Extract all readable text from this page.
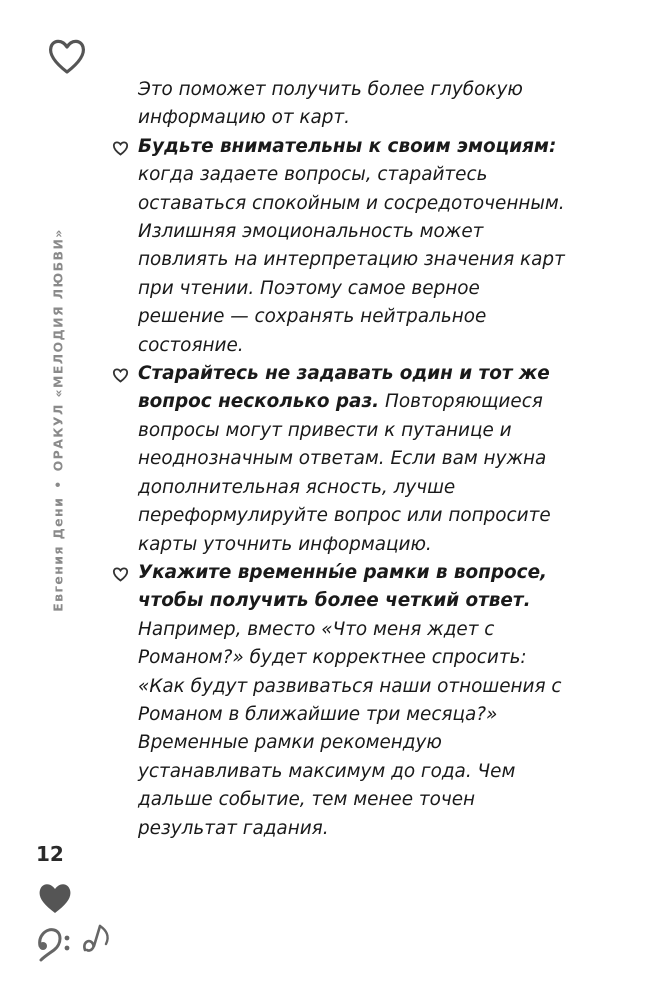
Евгения Дени•ОРАКУЛ «МЕЛОДИЯ ЛЮБВИ»

Это поможет получить более глубокую информацию от карт.

Будьте внимательны к своим эмоциям: когда задаете вопросы, старайтесь оставаться спокойным и сосредоточенным. Излишняя эмоциональность может повлиять на интерпретацию значения карт при чтении. Поэтому самое верное решение — сохранять нейтральное состояние.
Старайтесь не задавать один и тот же вопрос несколько раз. Повторяющиеся вопросы могут привести к путанице и неоднозначным ответам. Если вам нужна дополнительная ясность, лучше переформулируйте вопрос или попросите карты уточнить информацию.
Укажите временны́е рамки в вопросе, чтобы получить более четкий ответ. Например, вместо «Что меня ждет с Романом?» будет корректнее спросить: «Как будут развиваться наши отношения с Романом в ближайшие три месяца?» Временные рамки рекомендую устанавливать максимум до года. Чем дальше событие, тем менее точен результат гадания.
12
